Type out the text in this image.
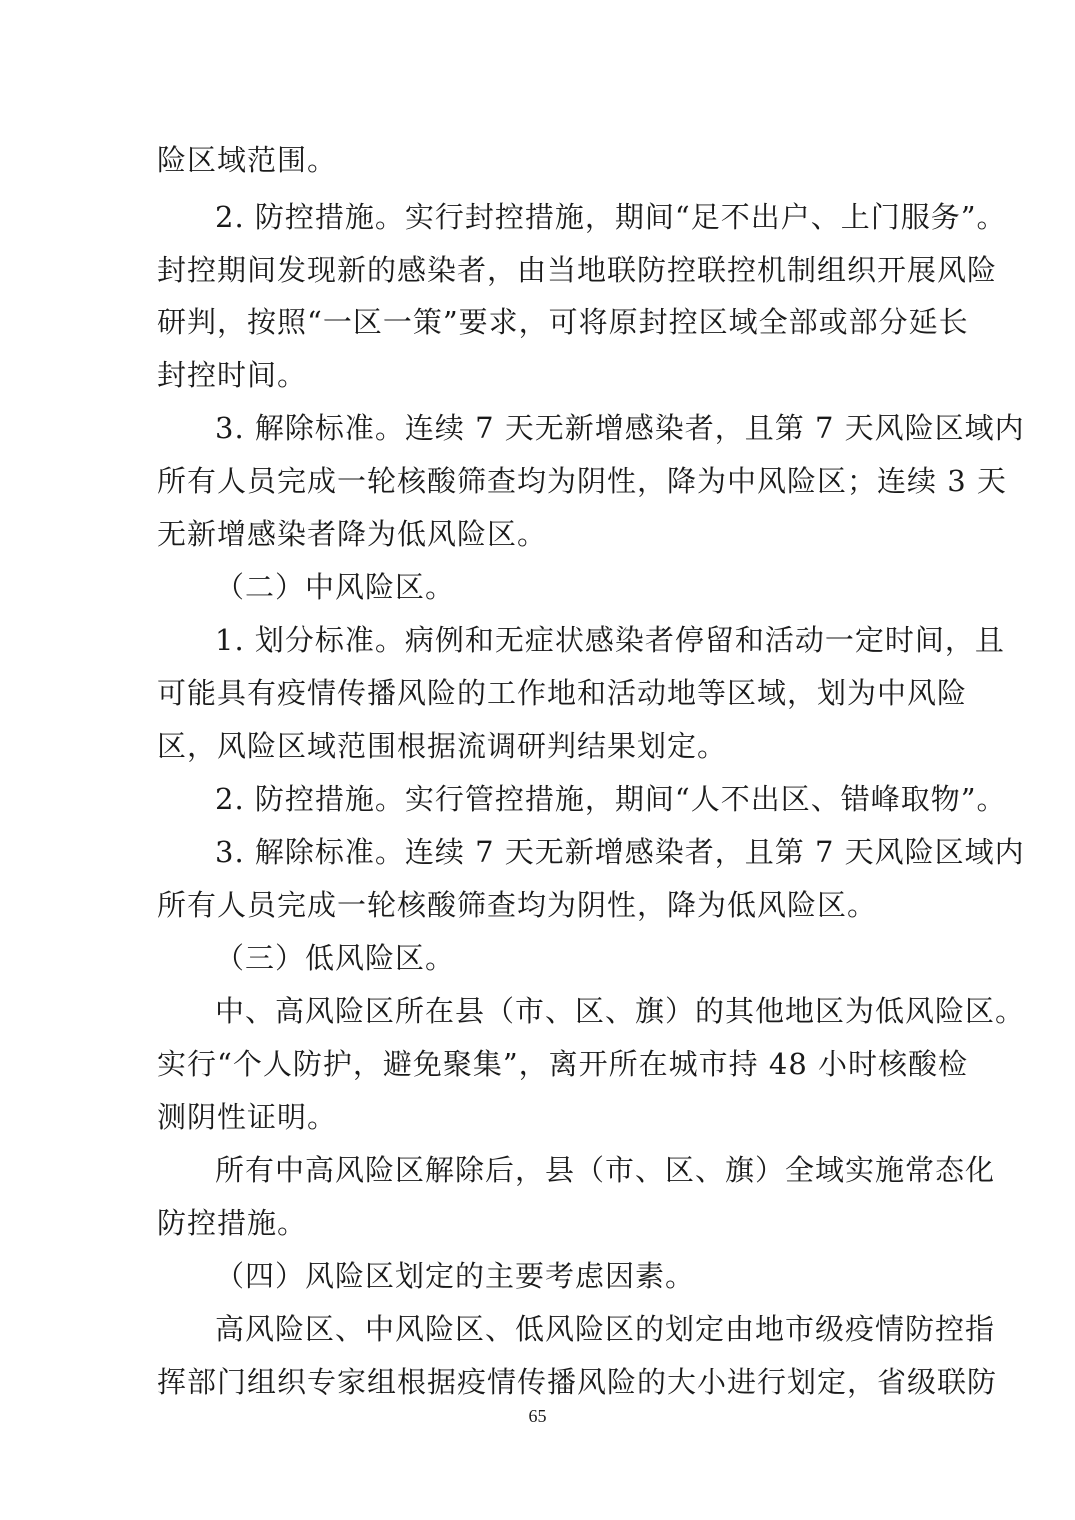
险区域范围。
2. 防控措施。实行封控措施，期间“足不出户、上门服务”。
封控期间发现新的感染者，由当地联防控联控机制组织开展风险
研判，按照“一区一策”要求，可将原封控区域全部或部分延长
封控时间。
3. 解除标准。连续 7 天无新增感染者，且第 7 天风险区域内
所有人员完成一轮核酸筛查均为阴性，降为中风险区；连续 3 天
无新增感染者降为低风险区。
（二）中风险区。
1. 划分标准。病例和无症状感染者停留和活动一定时间，且
可能具有疫情传播风险的工作地和活动地等区域，划为中风险
区，风险区域范围根据流调研判结果划定。
2. 防控措施。实行管控措施，期间“人不出区、错峰取物”。
3. 解除标准。连续 7 天无新增感染者，且第 7 天风险区域内
所有人员完成一轮核酸筛查均为阴性，降为低风险区。
（三）低风险区。
中、高风险区所在县（市、区、旗）的其他地区为低风险区。
实行“个人防护，避免聚集”，离开所在城市持 48 小时核酸检
测阴性证明。
所有中高风险区解除后，县（市、区、旗）全域实施常态化
防控措施。
（四）风险区划定的主要考虑因素。
高风险区、中风险区、低风险区的划定由地市级疫情防控指
挥部门组织专家组根据疫情传播风险的大小进行划定，省级联防
65
